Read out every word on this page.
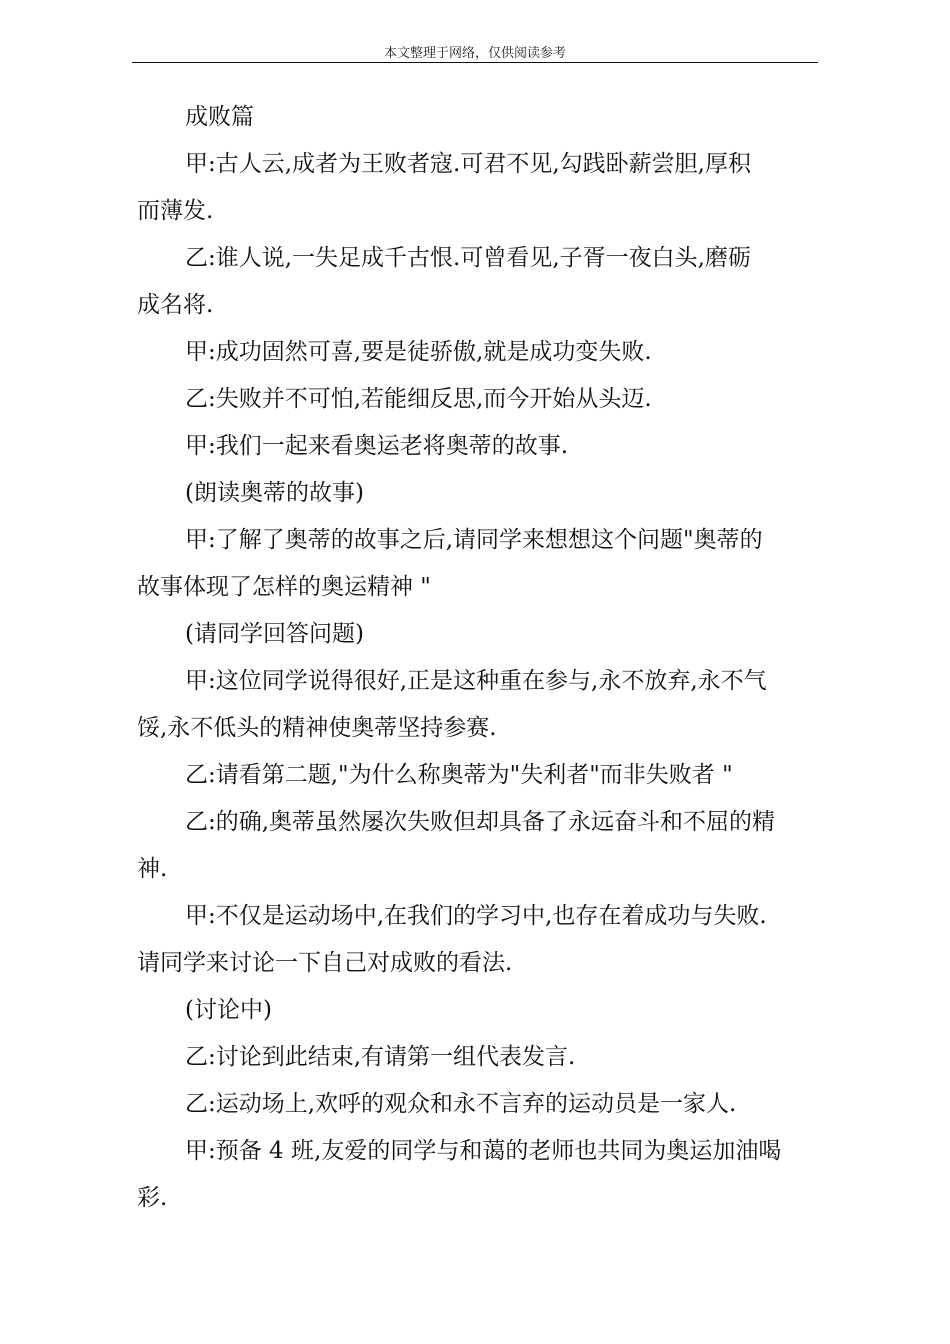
本文整理于网络，仅供阅读参考

成败篇

甲:古人云,成者为王败者寇.可君不见,勾践卧薪尝胆,厚积
而薄发.

乙:谁人说,一失足成千古恨.可曾看见,子胥一夜白头,磨砺
成名将.

甲:成功固然可喜,要是徒骄傲,就是成功变失败.

乙:失败并不可怕,若能细反思,而今开始从头迈.

甲:我们一起来看奥运老将奥蒂的故事.

(朗读奥蒂的故事)

甲:了解了奥蒂的故事之后,请同学来想想这个问题"奥蒂的
故事体现了怎样的奥运精神 "

(请同学回答问题)

甲:这位同学说得很好,正是这种重在参与,永不放弃,永不气
馁,永不低头的精神使奥蒂坚持参赛.

乙:请看第二题,"为什么称奥蒂为"失利者"而非失败者 "

乙:的确,奥蒂虽然屡次失败但却具备了永远奋斗和不屈的精
神.

甲:不仅是运动场中,在我们的学习中,也存在着成功与失败.
请同学来讨论一下自己对成败的看法.

(讨论中)

乙:讨论到此结束,有请第一组代表发言.

乙:运动场上,欢呼的观众和永不言弃的运动员是一家人.

甲:预备 4 班,友爱的同学与和蔼的老师也共同为奥运加油喝
彩.
